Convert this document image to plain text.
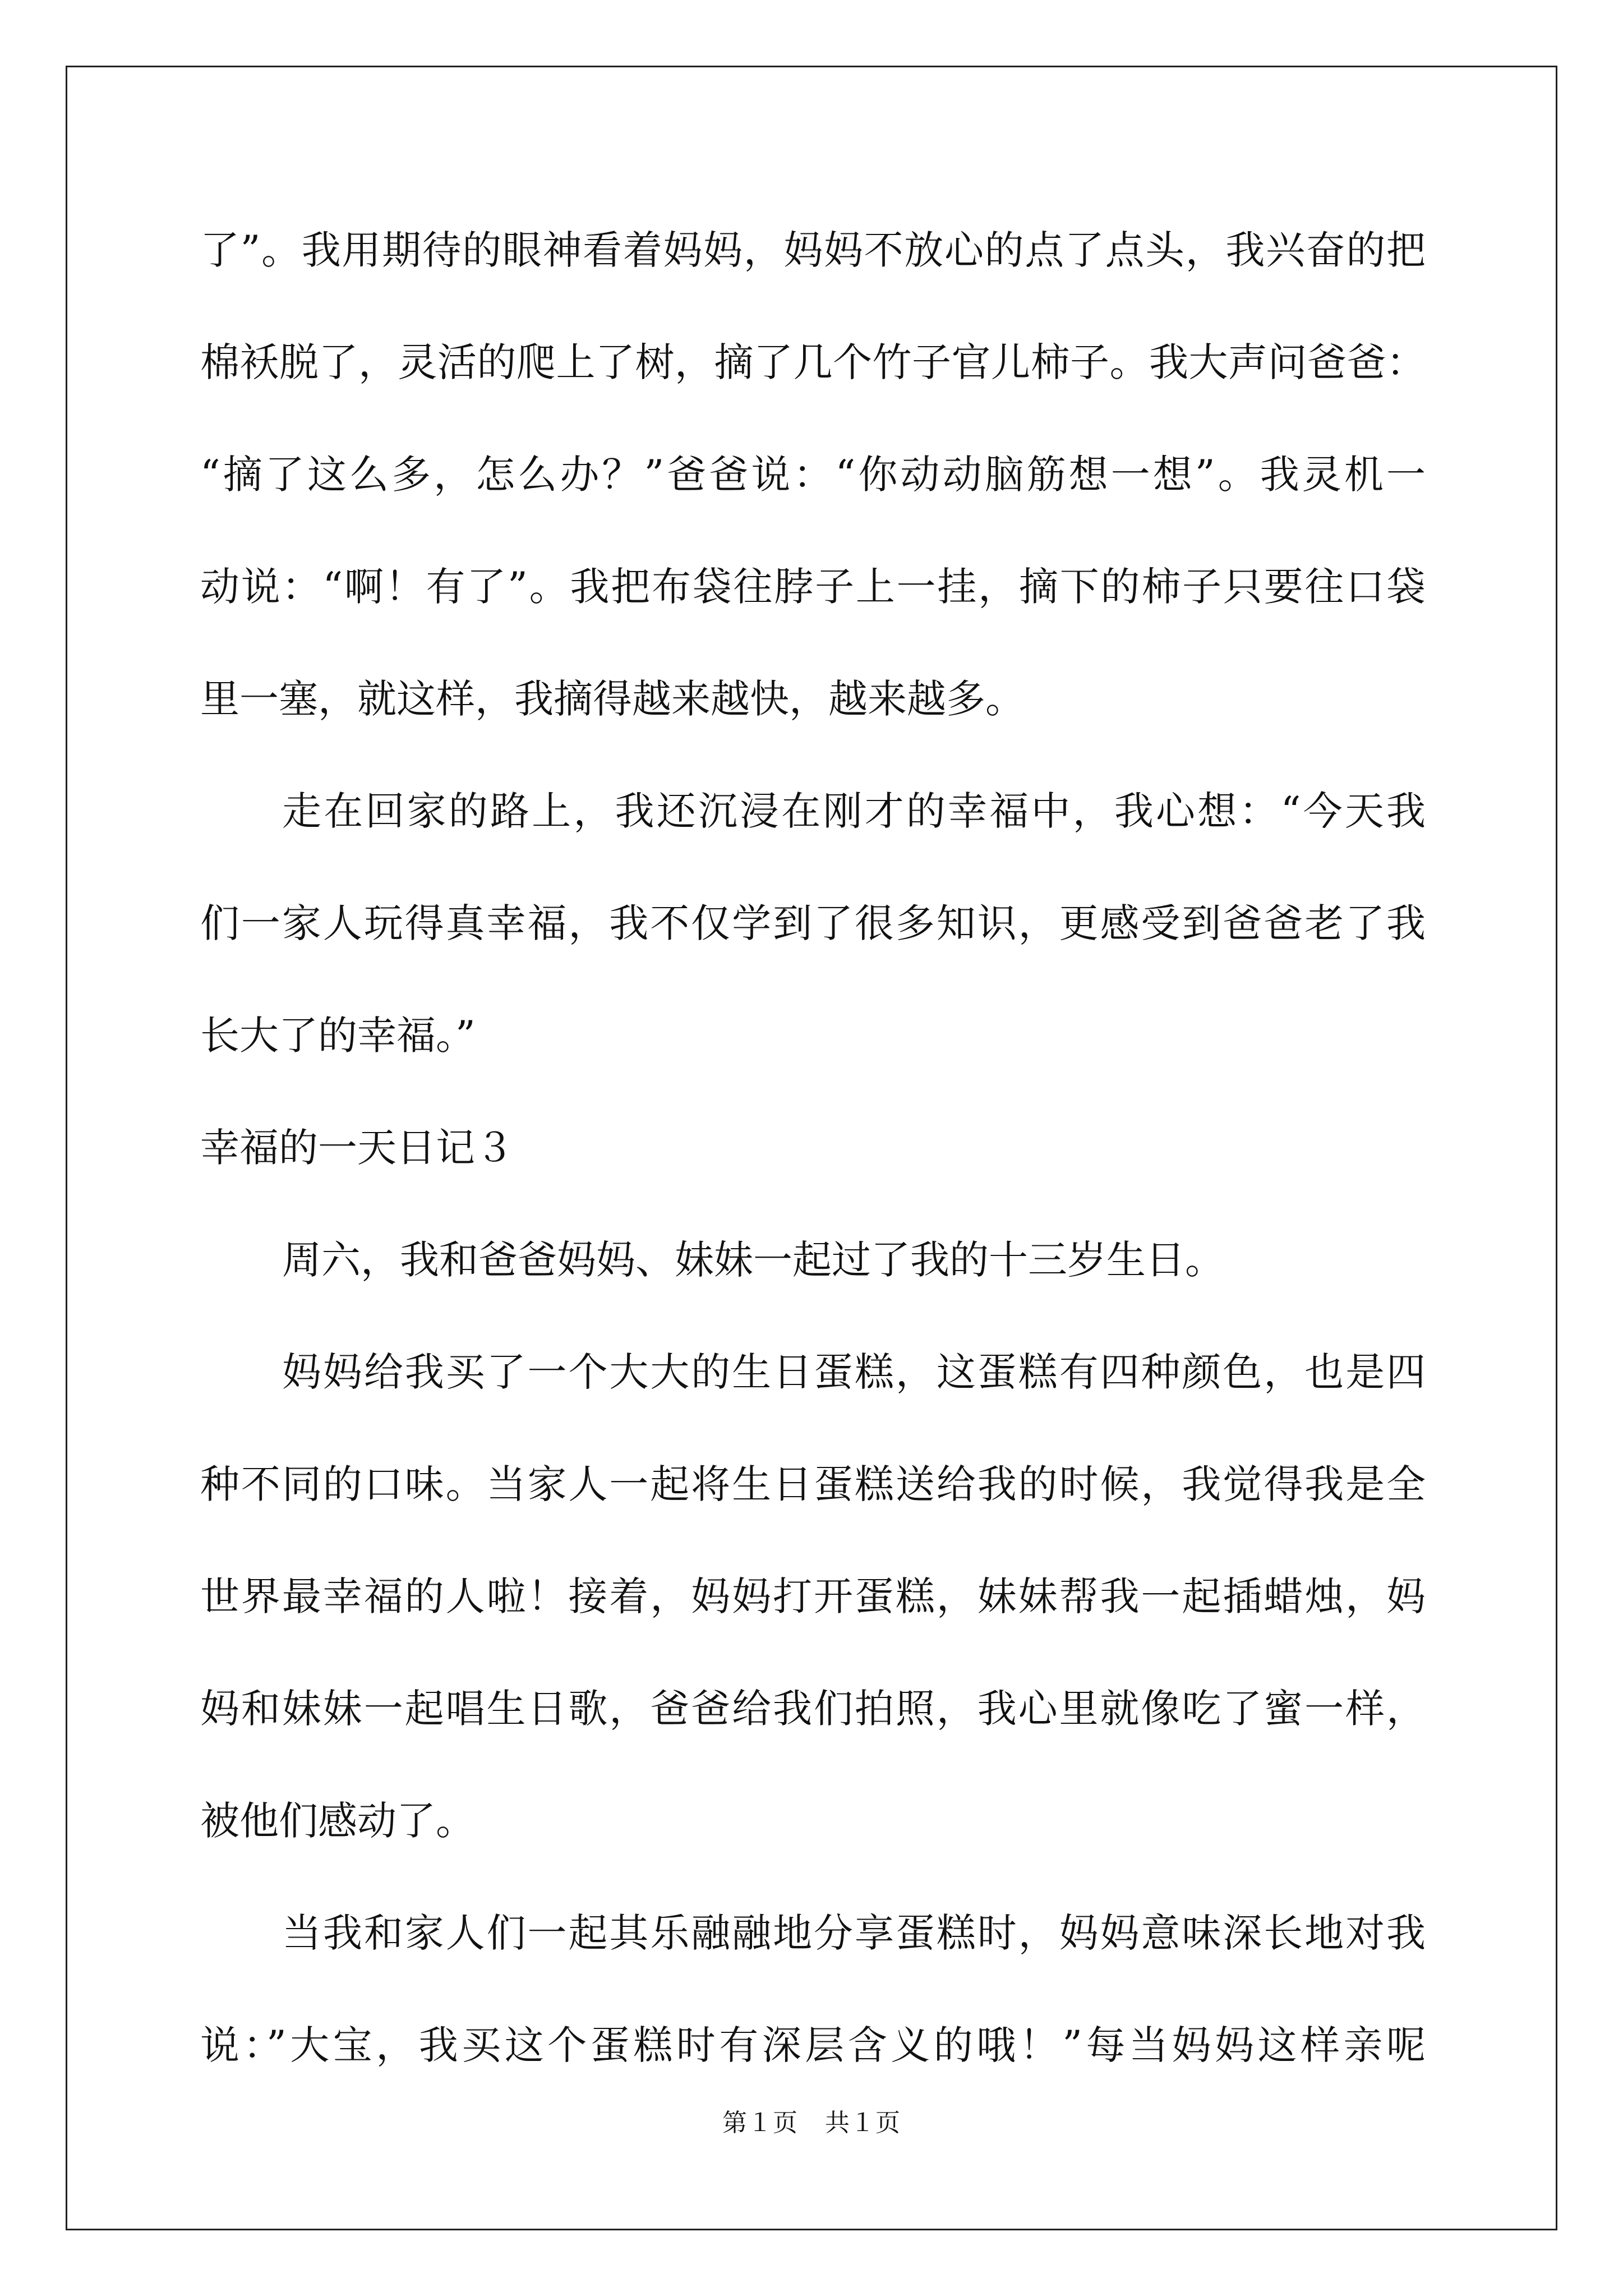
了”。我用期待的眼神看着妈妈，妈妈不放心的点了点头，我兴奋的把
棉袄脱了，灵活的爬上了树，摘了几个竹子官儿柿子。我大声问爸爸：
“摘了这么多，怎么办？”爸爸说：“你动动脑筋想一想”。我灵机一
动说：“啊！有了”。我把布袋往脖子上一挂，摘下的柿子只要往口袋
里一塞，就这样，我摘得越来越快，越来越多。
走在回家的路上，我还沉浸在刚才的幸福中，我心想：“今天我
们一家人玩得真幸福，我不仅学到了很多知识，更感受到爸爸老了我
长大了的幸福。”
幸福的一天日记３
周六，我和爸爸妈妈、妹妹一起过了我的十三岁生日。
妈妈给我买了一个大大的生日蛋糕，这蛋糕有四种颜色，也是四
种不同的口味。当家人一起将生日蛋糕送给我的时候，我觉得我是全
世界最幸福的人啦！接着，妈妈打开蛋糕，妹妹帮我一起插蜡烛，妈
妈和妹妹一起唱生日歌，爸爸给我们拍照，我心里就像吃了蜜一样，
被他们感动了。
当我和家人们一起其乐融融地分享蛋糕时，妈妈意味深长地对我
说：”大宝，我买这个蛋糕时有深层含义的哦！”每当妈妈这样亲呢
第１页 共１页
